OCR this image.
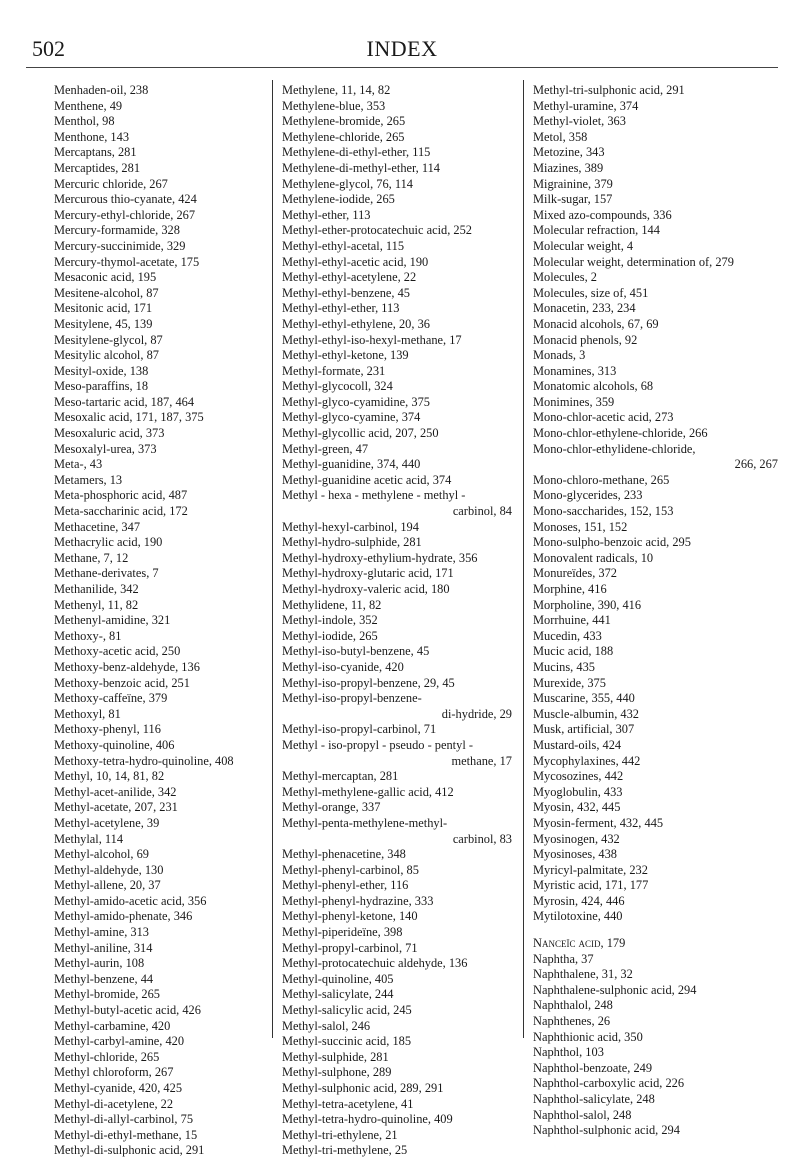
502	INDEX
Menhaden-oil, 238
Menthene, 49
Menthol, 98
Menthone, 143
Mercaptans, 281
Mercaptides, 281
Mercuric chloride, 267
Mercurous thio-cyanate, 424
Mercury-ethyl-chloride, 267
Mercury-formamide, 328
Mercury-succinimide, 329
Mercury-thymol-acetate, 175
Mesaconic acid, 195
Mesitene-alcohol, 87
Mesitonic acid, 171
Mesitylene, 45, 139
Mesitylene-glycol, 87
Mesitylic alcohol, 87
Mesityl-oxide, 138
Meso-paraffins, 18
Meso-tartaric acid, 187, 464
Mesoxalic acid, 171, 187, 375
Mesoxaluric acid, 373
Mesoxalyl-urea, 373
Meta-, 43
Metamers, 13
Meta-phosphoric acid, 487
Meta-saccharinic acid, 172
Methacetine, 347
Methacrylic acid, 190
Methane, 7, 12
Methane-derivates, 7
Methanilide, 342
Methenyl, 11, 82
Methenyl-amidine, 321
Methoxy-, 81
Methoxy-acetic acid, 250
Methoxy-benz-aldehyde, 136
Methoxy-benzoic acid, 251
Methoxy-caffeïne, 379
Methoxyl, 81
Methoxy-phenyl, 116
Methoxy-quinoline, 406
Methoxy-tetra-hydro-quinoline, 408
Methyl, 10, 14, 81, 82
Methyl-acet-anilide, 342
Methyl-acetate, 207, 231
Methyl-acetylene, 39
Methylal, 114
Methyl-alcohol, 69
Methyl-aldehyde, 130
Methyl-allene, 20, 37
Methyl-amido-acetic acid, 356
Methyl-amido-phenate, 346
Methyl-amine, 313
Methyl-aniline, 314
Methyl-aurin, 108
Methyl-benzene, 44
Methyl-bromide, 265
Methyl-butyl-acetic acid, 426
Methyl-carbamine, 420
Methyl-carbyl-amine, 420
Methyl-chloride, 265
Methyl chloroform, 267
Methyl-cyanide, 420, 425
Methyl-di-acetylene, 22
Methyl-di-allyl-carbinol, 75
Methyl-di-ethyl-methane, 15
Methyl-di-sulphonic acid, 291
Methylene, 11, 14, 82
Methylene-blue, 353
Methylene-bromide, 265
Methylene-chloride, 265
Methylene-di-ethyl-ether, 115
Methylene-di-methyl-ether, 114
Methylene-glycol, 76, 114
Methylene-iodide, 265
Methyl-ether, 113
Methyl-ether-protocatechuic acid, 252
Methyl-ethyl-acetal, 115
Methyl-ethyl-acetic acid, 190
Methyl-ethyl-acetylene, 22
Methyl-ethyl-benzene, 45
Methyl-ethyl-ether, 113
Methyl-ethyl-ethylene, 20, 36
Methyl-ethyl-iso-hexyl-methane, 17
Methyl-ethyl-ketone, 139
Methyl-formate, 231
Methyl-glycocoll, 324
Methyl-glyco-cyamidine, 375
Methyl-glyco-cyamine, 374
Methyl-glycollic acid, 207, 250
Methyl-green, 47
Methyl-guanidine, 374, 440
Methyl-guanidine acetic acid, 374
Methyl - hexa - methylene - methyl -
carbinol, 84
Methyl-hexyl-carbinol, 194
Methyl-hydro-sulphide, 281
Methyl-hydroxy-ethylium-hydrate, 356
Methyl-hydroxy-glutaric acid, 171
Methyl-hydroxy-valeric acid, 180
Methylidene, 11, 82
Methyl-indole, 352
Methyl-iodide, 265
Methyl-iso-butyl-benzene, 45
Methyl-iso-cyanide, 420
Methyl-iso-propyl-benzene, 29, 45
Methyl-iso-propyl-benzene-
di-hydride, 29
Methyl-iso-propyl-carbinol, 71
Methyl - iso-propyl - pseudo - pentyl -
methane, 17
Methyl-mercaptan, 281
Methyl-methylene-gallic acid, 412
Methyl-orange, 337
Methyl-penta-methylene-methyl-
carbinol, 83
Methyl-phenacetine, 348
Methyl-phenyl-carbinol, 85
Methyl-phenyl-ether, 116
Methyl-phenyl-hydrazine, 333
Methyl-phenyl-ketone, 140
Methyl-piperideïne, 398
Methyl-propyl-carbinol, 71
Methyl-protocatechuic aldehyde, 136
Methyl-quinoline, 405
Methyl-salicylate, 244
Methyl-salicylic acid, 245
Methyl-salol, 246
Methyl-succinic acid, 185
Methyl-sulphide, 281
Methyl-sulphone, 289
Methyl-sulphonic acid, 289, 291
Methyl-tetra-acetylene, 41
Methyl-tetra-hydro-quinoline, 409
Methyl-tri-ethylene, 21
Methyl-tri-methylene, 25
Methyl-tri-sulphonic acid, 291
Methyl-uramine, 374
Methyl-violet, 363
Metol, 358
Metozine, 343
Miazines, 389
Migrainine, 379
Milk-sugar, 157
Mixed azo-compounds, 336
Molecular refraction, 144
Molecular weight, 4
Molecular weight, determination of, 279
Molecules, 2
Molecules, size of, 451
Monacetin, 233, 234
Monacid alcohols, 67, 69
Monacid phenols, 92
Monads, 3
Monamines, 313
Monatomic alcohols, 68
Monimines, 359
Mono-chlor-acetic acid, 273
Mono-chlor-ethylene-chloride, 266
Mono-chlor-ethylidene-chloride,
266, 267
Mono-chloro-methane, 265
Mono-glycerides, 233
Mono-saccharides, 152, 153
Monoses, 151, 152
Mono-sulpho-benzoic acid, 295
Monovalent radicals, 10
Monureïdes, 372
Morphine, 416
Morpholine, 390, 416
Morrhuine, 441
Mucedin, 433
Mucic acid, 188
Mucins, 435
Murexide, 375
Muscarine, 355, 440
Muscle-albumin, 432
Musk, artificial, 307
Mustard-oils, 424
Mycophylaxines, 442
Mycosozines, 442
Myoglobulin, 433
Myosin, 432, 445
Myosin-ferment, 432, 445
Myosinogen, 432
Myosinoses, 438
Myricyl-palmitate, 232
Myristic acid, 171, 177
Myrosin, 424, 446
Mytilotoxine, 440
Nanceïc acid, 179
Naphtha, 37
Naphthalene, 31, 32
Naphthalene-sulphonic acid, 294
Naphthalol, 248
Naphthenes, 26
Naphthionic acid, 350
Naphthol, 103
Naphthol-benzoate, 249
Naphthol-carboxylic acid, 226
Naphthol-salicylate, 248
Naphthol-salol, 248
Naphthol-sulphonic acid, 294
